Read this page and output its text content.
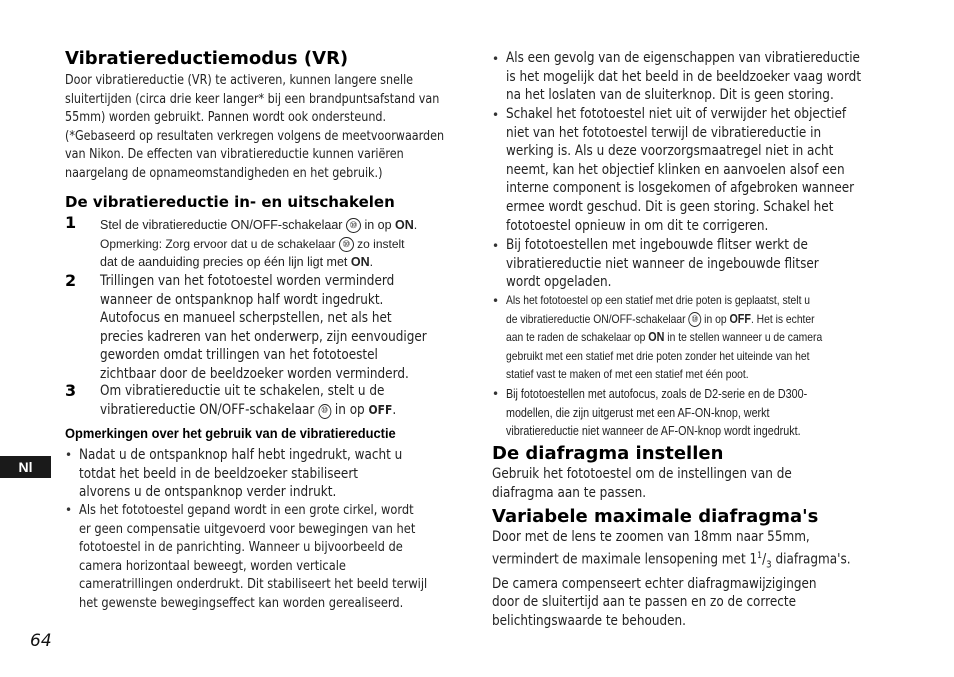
Nl
64
Vibratiereductiemodus (VR)
Door vibratiereductie (VR) te activeren, kunnen langere snelle
sluitertijden (circa drie keer langer* bij een brandpuntsafstand van
55mm) worden gebruikt. Pannen wordt ook ondersteund.
(*Gebaseerd op resultaten verkregen volgens de meetvoorwaarden
van Nikon. De effecten van vibratiereductie kunnen variëren
naargelang de opnameomstandigheden en het gebruik.)
De vibratiereductie in- en uitschakelen
1 Stel de vibratiereductie ON/OFF-schakelaar ⑩ in op ON.
Opmerking: Zorg ervoor dat u de schakelaar ⑩ zo instelt
dat de aanduiding precies op één lijn ligt met ON.
2 Trillingen van het fototoestel worden verminderd
wanneer de ontspanknop half wordt ingedrukt.
Autofocus en manueel scherpstellen, net als het
precies kadreren van het onderwerp, zijn eenvoudiger
geworden omdat trillingen van het fototoestel
zichtbaar door de beeldzoeker worden verminderd.
3 Om vibratiereductie uit te schakelen, stelt u de
vibratiereductie ON/OFF-schakelaar ⑩ in op OFF.
Opmerkingen over het gebruik van de vibratiereductie
• Nadat u de ontspanknop half hebt ingedrukt, wacht u
totdat het beeld in de beeldzoeker stabiliseert
alvorens u de ontspanknop verder indrukt.
• Als het fototoestel gepand wordt in een grote cirkel, wordt
er geen compensatie uitgevoerd voor bewegingen van het
fototoestel in de panrichting. Wanneer u bijvoorbeeld de
camera horizontaal beweegt, worden verticale
cameratrillingen onderdrukt. Dit stabiliseert het beeld terwijl
het gewenste bewegingseffect kan worden gerealiseerd.
• Als een gevolg van de eigenschappen van vibratiereductie
is het mogelijk dat het beeld in de beeldzoeker vaag wordt
na het loslaten van de sluiterknop. Dit is geen storing.
• Schakel het fototoestel niet uit of verwijder het objectief
niet van het fototoestel terwijl de vibratiereductie in
werking is. Als u deze voorzorgsmaatregel niet in acht
neemt, kan het objectief klinken en aanvoelen alsof een
interne component is losgekomen of afgebroken wanneer
ermee wordt geschud. Dit is geen storing. Schakel het
fototoestel opnieuw in om dit te corrigeren.
• Bij fototoestellen met ingebouwde flitser werkt de
vibratiereductie niet wanneer de ingebouwde flitser
wordt opgeladen.
• Als het fototoestel op een statief met drie poten is geplaatst, stelt u
de vibratiereductie ON/OFF-schakelaar ⑩ in op OFF. Het is echter
aan te raden de schakelaar op ON in te stellen wanneer u de camera
gebruikt met een statief met drie poten zonder het uiteinde van het
statief vast te maken of met een statief met één poot.
• Bij fototoestellen met autofocus, zoals de D2-serie en de D300-
modellen, die zijn uitgerust met een AF-ON-knop, werkt
vibratiereductie niet wanneer de AF-ON-knop wordt ingedrukt.
De diafragma instellen
Gebruik het fototoestel om de instellingen van de
diafragma aan te passen.
Variabele maximale diafragma's
Door met de lens te zoomen van 18mm naar 55mm,
vermindert de maximale lensopening met $1^1/_3$ diafragma's.
De camera compenseert echter diafragmawijzigingen
door de sluitertijd aan te passen en zo de correcte
belichtingswaarde te behouden.
